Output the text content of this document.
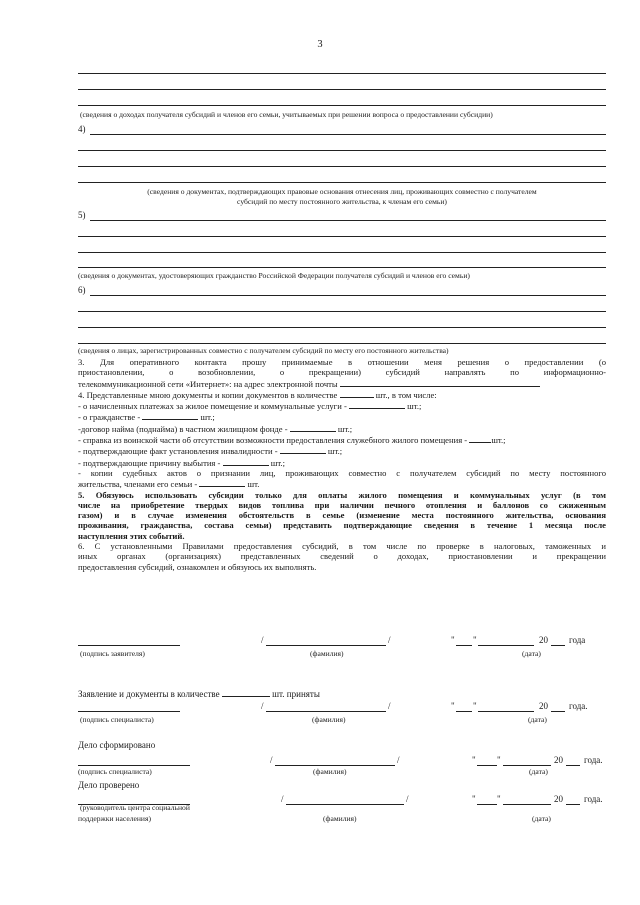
3
(сведения о доходах получателя субсидий и членов его семьи, учитываемых при решении вопроса о предоставлении субсидии)
4)
(сведения о документах, подтверждающих правовые основания отнесения лиц, проживающих совместно с получателем
субсидий по месту постоянного жительства, к членам его семьи)
5)
(сведения о документах, удостоверяющих гражданство Российской Федерации получателя субсидий и членов его семьи)
6)
(сведения о лицах, зарегистрированных совместно с получателем субсидий по месту его постоянного жительства)

3. Для оперативного контакта прошу принимаемые в отношении меня решения о предоставлении (о

приостановлении, о возобновлении, о прекращении) субсидий направлять по информационно-

телекоммуникационной сети «Интернет»: на адрес электронной почты

4. Представленные мною документы и копии документов в количестве	шт., в том числе:

- о начисленных платежах за жилое помещение и коммунальные услуги -	шт.;

- о гражданстве -	шт.;

-договор найма (поднайма) в частном жилищном фонде -	шт.;

- справка из воинской части об отсутствии возможности предоставления служебного жилого помещения -	шт.;

- подтверждающие факт установления инвалидности -	шт.;

- подтверждающие причину выбытия -	шт.;

- копии судебных актов о признании лиц, проживающих совместно с получателем субсидий по месту постоянного

жительства, членами его семьи -	шт.

5. Обязуюсь использовать субсидии только для оплаты жилого помещения и коммунальных услуг (в том

числе на приобретение твердых видов топлива при наличии печного отопления и баллонов со сжиженным

газом) и в случае изменения обстоятельств в семье (изменение места постоянного жительства, основания

проживания, гражданства, состава семьи) представить подтверждающие сведения в течение 1 месяца после

наступления этих событий.

6. С установленными Правилами предоставления субсидий, в том числе по проверке в налоговых, таможенных и

иных органах (организациях) представленных сведений о доходах, приостановлении и прекращении

предоставления субсидий, ознакомлен и обязуюсь их выполнять.

/	/	" "	20 года
(подпись заявителя)	(фамилия)	(дата)
Заявление и документы в количестве	шт. приняты
/	/	" "	20 года.
(подпись специалиста)	(фамилия)	(дата)
Дело сформировано
/	/	" "	20 года.
(подпись специалиста)	(фамилия)	(дата)
Дело проверено
/	/	" "	20 года.
(руководитель центра социальной
поддержки населения)	(фамилия)	(дата)
